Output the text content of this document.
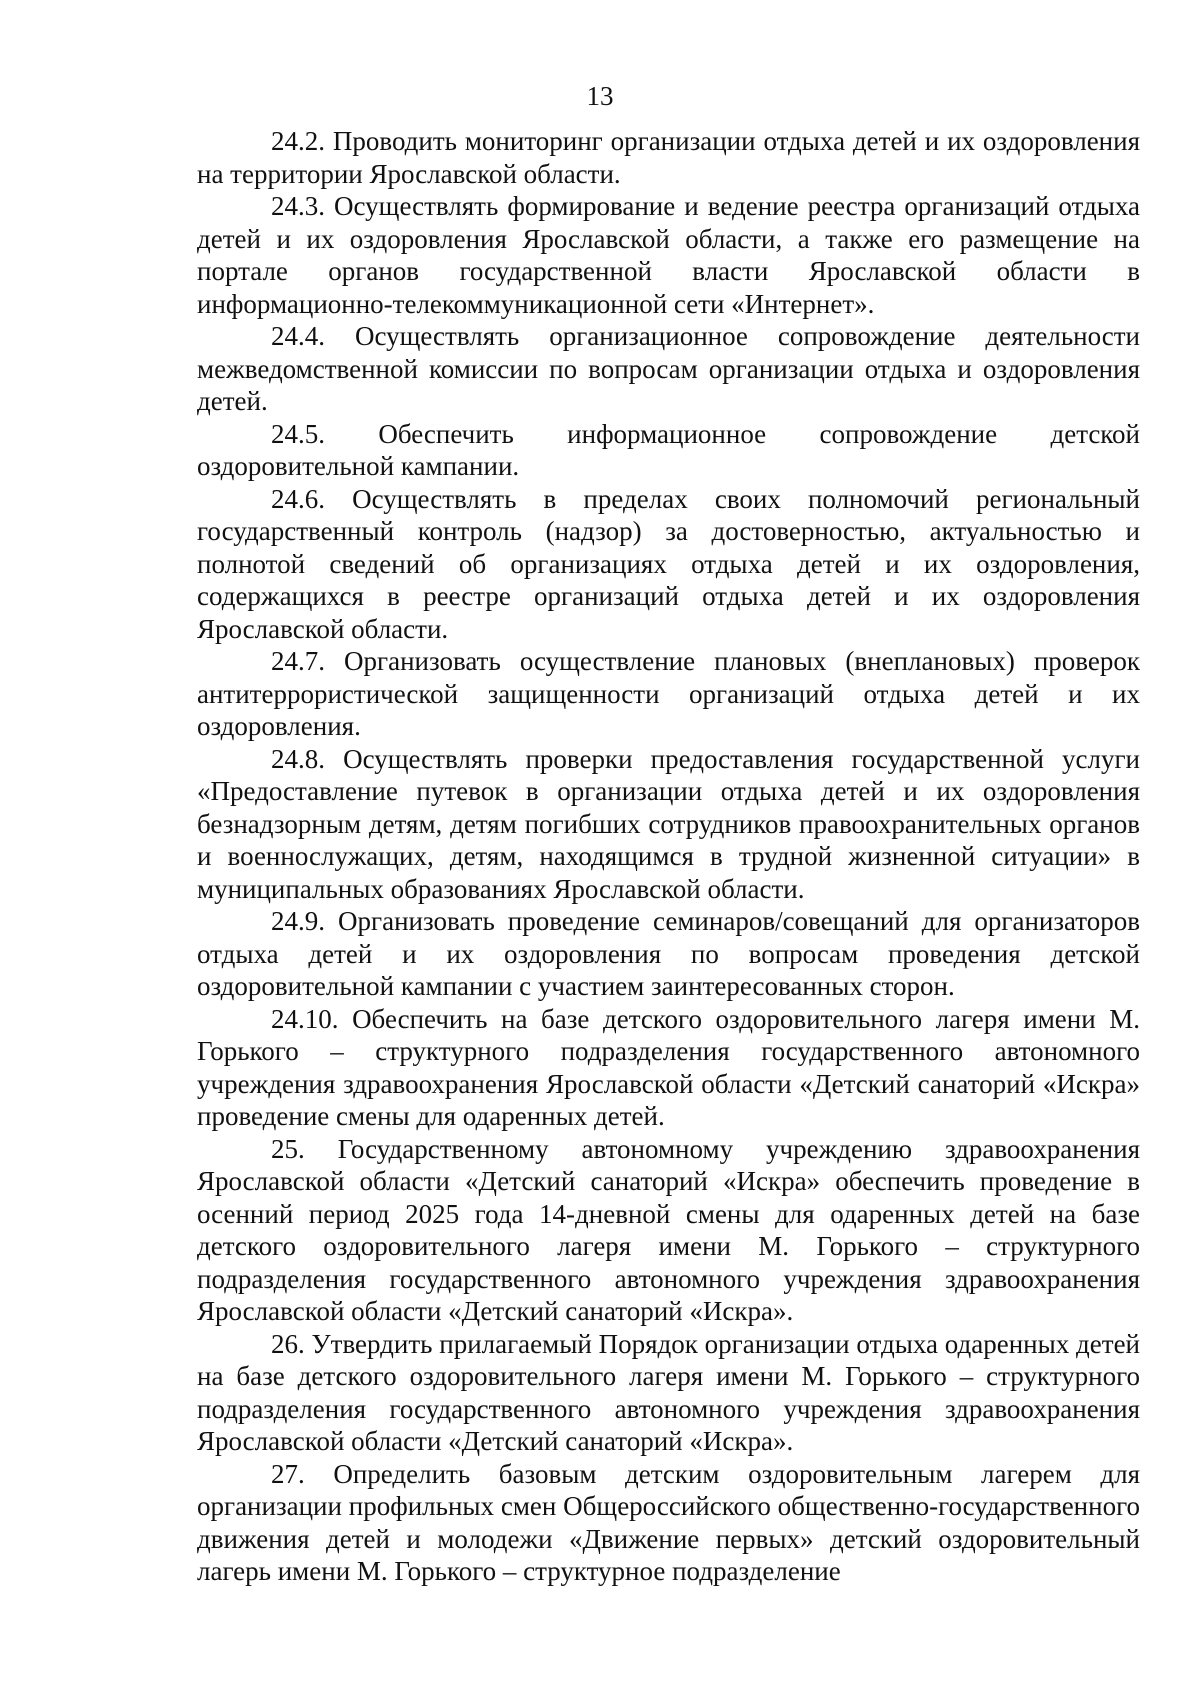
13

24.2. Проводить мониторинг организации отдыха детей и их оздоровления на территории Ярославской области.

24.3. Осуществлять формирование и ведение реестра организаций отдыха детей и их оздоровления Ярославской области, а также его размещение на портале органов государственной власти Ярославской области в информационно-телекоммуникационной сети «Интернет».

24.4. Осуществлять организационное сопровождение деятельности межведомственной комиссии по вопросам организации отдыха и оздоровления детей.

24.5. Обеспечить информационное сопровождение детской оздоровительной кампании.

24.6. Осуществлять в пределах своих полномочий региональный государственный контроль (надзор) за достоверностью, актуальностью и полнотой сведений об организациях отдыха детей и их оздоровления, содержащихся в реестре организаций отдыха детей и их оздоровления Ярославской области.

24.7. Организовать осуществление плановых (внеплановых) проверок антитеррористической защищенности организаций отдыха детей и их оздоровления.

24.8. Осуществлять проверки предоставления государственной услуги «Предоставление путевок в организации отдыха детей и их оздоровления безнадзорным детям, детям погибших сотрудников правоохранительных органов и военнослужащих, детям, находящимся в трудной жизненной ситуации» в муниципальных образованиях Ярославской области.

24.9. Организовать проведение семинаров/совещаний для организаторов отдыха детей и их оздоровления по вопросам проведения детской оздоровительной кампании с участием заинтересованных сторон.

24.10. Обеспечить на базе детского оздоровительного лагеря имени М. Горького – структурного подразделения государственного автономного учреждения здравоохранения Ярославской области «Детский санаторий «Искра» проведение смены для одаренных детей.

25. Государственному автономному учреждению здравоохранения Ярославской области «Детский санаторий «Искра» обеспечить проведение в осенний период 2025 года 14-дневной смены для одаренных детей на базе детского оздоровительного лагеря имени М. Горького – структурного подразделения государственного автономного учреждения здравоохранения Ярославской области «Детский санаторий «Искра».

26. Утвердить прилагаемый Порядок организации отдыха одаренных детей на базе детского оздоровительного лагеря имени М. Горького – структурного подразделения государственного автономного учреждения здравоохранения Ярославской области «Детский санаторий «Искра».

27. Определить базовым детским оздоровительным лагерем для организации профильных смен Общероссийского общественно-государственного движения детей и молодежи «Движение первых» детский оздоровительный лагерь имени М. Горького – структурное подразделение
